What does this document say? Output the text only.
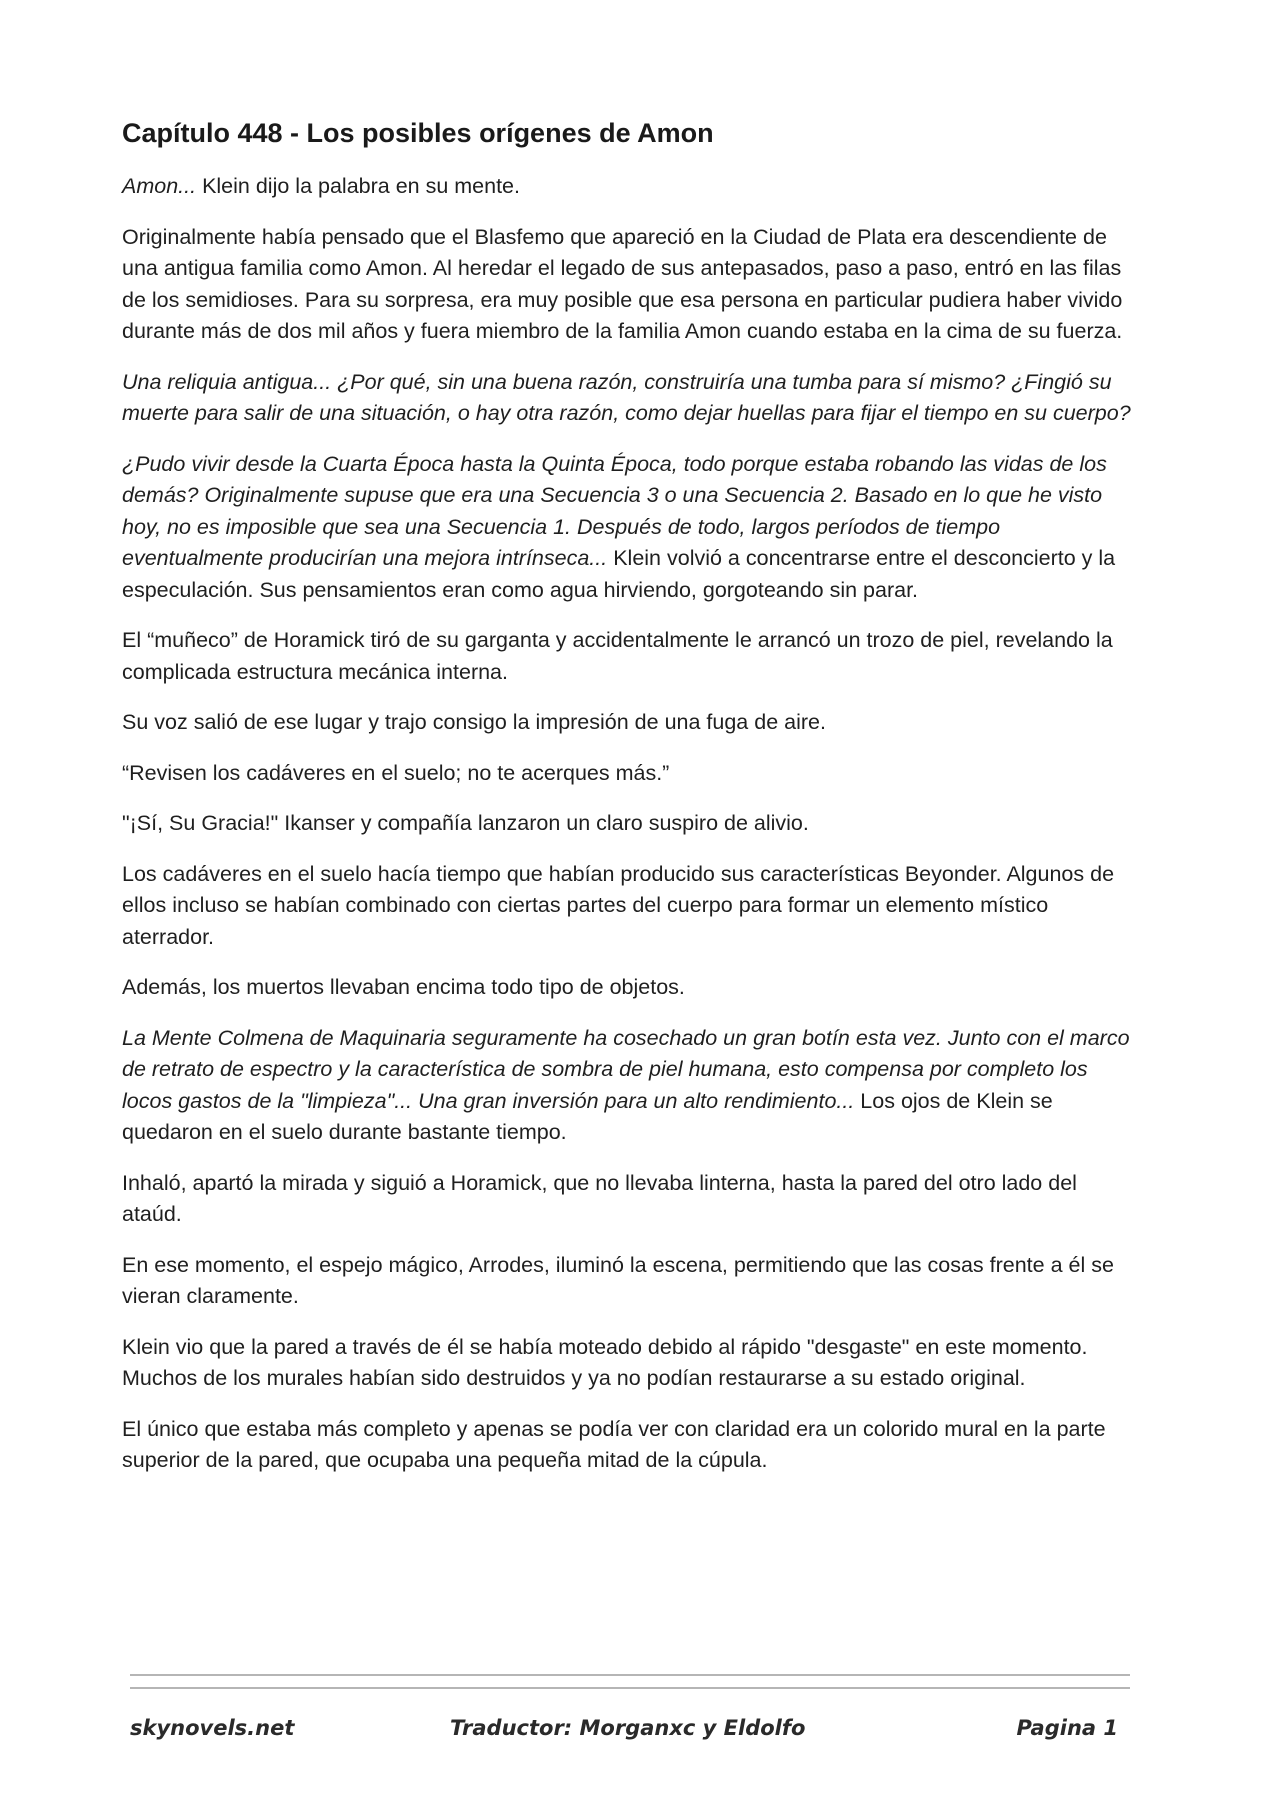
Capítulo 448 - Los posibles orígenes de Amon

Amon... Klein dijo la palabra en su mente.

Originalmente había pensado que el Blasfemo que apareció en la Ciudad de Plata era descendiente de una antigua familia como Amon. Al heredar el legado de sus antepasados, paso a paso, entró en las filas de los semidioses. Para su sorpresa, era muy posible que esa persona en particular pudiera haber vivido durante más de dos mil años y fuera miembro de la familia Amon cuando estaba en la cima de su fuerza.

Una reliquia antigua... ¿Por qué, sin una buena razón, construiría una tumba para sí mismo? ¿Fingió su muerte para salir de una situación, o hay otra razón, como dejar huellas para fijar el tiempo en su cuerpo?

¿Pudo vivir desde la Cuarta Época hasta la Quinta Época, todo porque estaba robando las vidas de los demás? Originalmente supuse que era una Secuencia 3 o una Secuencia 2. Basado en lo que he visto hoy, no es imposible que sea una Secuencia 1. Después de todo, largos períodos de tiempo eventualmente producirían una mejora intrínseca... Klein volvió a concentrarse entre el desconcierto y la especulación. Sus pensamientos eran como agua hirviendo, gorgoteando sin parar.

El “muñeco” de Horamick tiró de su garganta y accidentalmente le arrancó un trozo de piel, revelando la complicada estructura mecánica interna.

Su voz salió de ese lugar y trajo consigo la impresión de una fuga de aire.

“Revisen los cadáveres en el suelo; no te acerques más.”

"¡Sí, Su Gracia!" Ikanser y compañía lanzaron un claro suspiro de alivio.

Los cadáveres en el suelo hacía tiempo que habían producido sus características Beyonder. Algunos de ellos incluso se habían combinado con ciertas partes del cuerpo para formar un elemento místico aterrador.

Además, los muertos llevaban encima todo tipo de objetos.

La Mente Colmena de Maquinaria seguramente ha cosechado un gran botín esta vez. Junto con el marco de retrato de espectro y la característica de sombra de piel humana, esto compensa por completo los locos gastos de la "limpieza"... Una gran inversión para un alto rendimiento... Los ojos de Klein se quedaron en el suelo durante bastante tiempo.

Inhaló, apartó la mirada y siguió a Horamick, que no llevaba linterna, hasta la pared del otro lado del ataúd.

En ese momento, el espejo mágico, Arrodes, iluminó la escena, permitiendo que las cosas frente a él se vieran claramente.

Klein vio que la pared a través de él se había moteado debido al rápido "desgaste" en este momento. Muchos de los murales habían sido destruidos y ya no podían restaurarse a su estado original.

El único que estaba más completo y apenas se podía ver con claridad era un colorido mural en la parte superior de la pared, que ocupaba una pequeña mitad de la cúpula.

skynovels.net	Traductor: Morganxc y Eldolfo	Pagina 1
